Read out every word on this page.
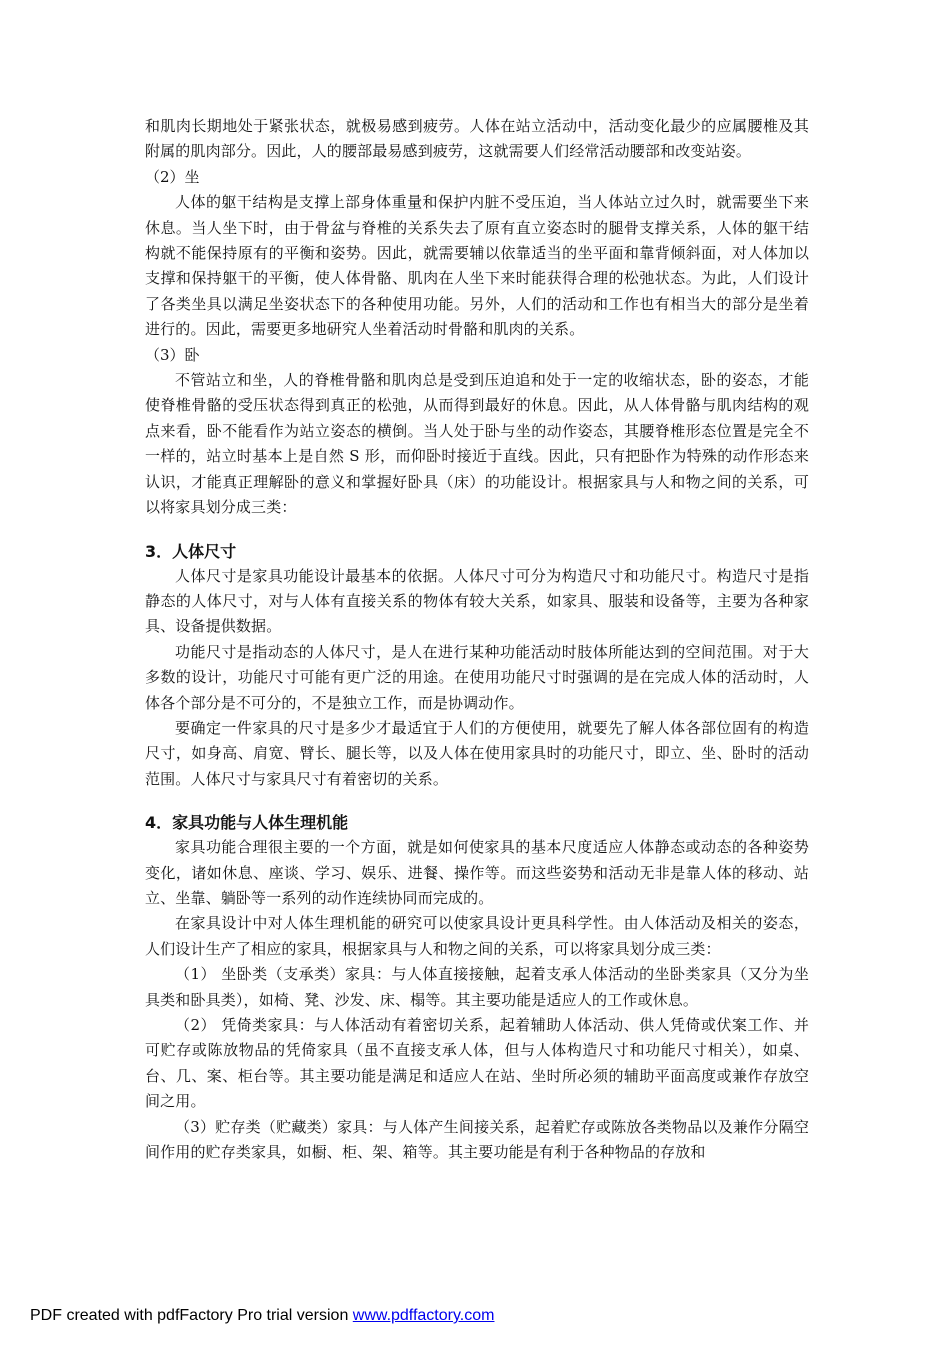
和肌肉长期地处于紧张状态，就极易感到疲劳。人体在站立活动中，活动变化最少的应属腰椎及其附属的肌肉部分。因此，人的腰部最易感到疲劳，这就需要人们经常活动腰部和改变站姿。

（2）坐

人体的躯干结构是支撑上部身体重量和保护内脏不受压迫，当人体站立过久时，就需要坐下来休息。当人坐下时，由于骨盆与脊椎的关系失去了原有直立姿态时的腿骨支撑关系，人体的躯干结构就不能保持原有的平衡和姿势。因此，就需要辅以依靠适当的坐平面和靠背倾斜面，对人体加以支撑和保持躯干的平衡，使人体骨骼、肌肉在人坐下来时能获得合理的松弛状态。为此，人们设计了各类坐具以满足坐姿状态下的各种使用功能。另外，人们的活动和工作也有相当大的部分是坐着进行的。因此，需要更多地研究人坐着活动时骨骼和肌肉的关系。

（3）卧

不管站立和坐，人的脊椎骨骼和肌肉总是受到压迫追和处于一定的收缩状态，卧的姿态，才能使脊椎骨骼的受压状态得到真正的松弛，从而得到最好的休息。因此，从人体骨骼与肌肉结构的观点来看，卧不能看作为站立姿态的横倒。当人处于卧与坐的动作姿态，其腰脊椎形态位置是完全不一样的，站立时基本上是自然 S 形，而仰卧时接近于直线。因此，只有把卧作为特殊的动作形态来认识，才能真正理解卧的意义和掌握好卧具（床）的功能设计。根据家具与人和物之间的关系，可以将家具划分成三类：

3．人体尺寸

人体尺寸是家具功能设计最基本的依据。人体尺寸可分为构造尺寸和功能尺寸。构造尺寸是指静态的人体尺寸，对与人体有直接关系的物体有较大关系，如家具、服装和设备等，主要为各种家具、设备提供数据。

功能尺寸是指动态的人体尺寸，是人在进行某种功能活动时肢体所能达到的空间范围。对于大多数的设计，功能尺寸可能有更广泛的用途。在使用功能尺寸时强调的是在完成人体的活动时，人体各个部分是不可分的，不是独立工作，而是协调动作。

要确定一件家具的尺寸是多少才最适宜于人们的方便使用，就要先了解人体各部位固有的构造尺寸，如身高、肩宽、臂长、腿长等，以及人体在使用家具时的功能尺寸，即立、坐、卧时的活动范围。人体尺寸与家具尺寸有着密切的关系。

4．家具功能与人体生理机能

家具功能合理很主要的一个方面，就是如何使家具的基本尺度适应人体静态或动态的各种姿势变化，诸如休息、座谈、学习、娱乐、进餐、操作等。而这些姿势和活动无非是靠人体的移动、站立、坐靠、躺卧等一系列的动作连续协同而完成的。

在家具设计中对人体生理机能的研究可以使家具设计更具科学性。由人体活动及相关的姿态，人们设计生产了相应的家具，根据家具与人和物之间的关系，可以将家具划分成三类：

（1） 坐卧类（支承类）家具：与人体直接接触，起着支承人体活动的坐卧类家具（又分为坐具类和卧具类），如椅、凳、沙发、床、榻等。其主要功能是适应人的工作或休息。

（2） 凭倚类家具：与人体活动有着密切关系，起着辅助人体活动、供人凭倚或伏案工作、并可贮存或陈放物品的凭倚家具（虽不直接支承人体，但与人体构造尺寸和功能尺寸相关），如桌、台、几、案、柜台等。其主要功能是满足和适应人在站、坐时所必须的辅助平面高度或兼作存放空间之用。

（3）贮存类（贮藏类）家具：与人体产生间接关系，起着贮存或陈放各类物品以及兼作分隔空间作用的贮存类家具，如橱、柜、架、箱等。其主要功能是有利于各种物品的存放和

PDF created with pdfFactory Pro trial version www.pdffactory.com
